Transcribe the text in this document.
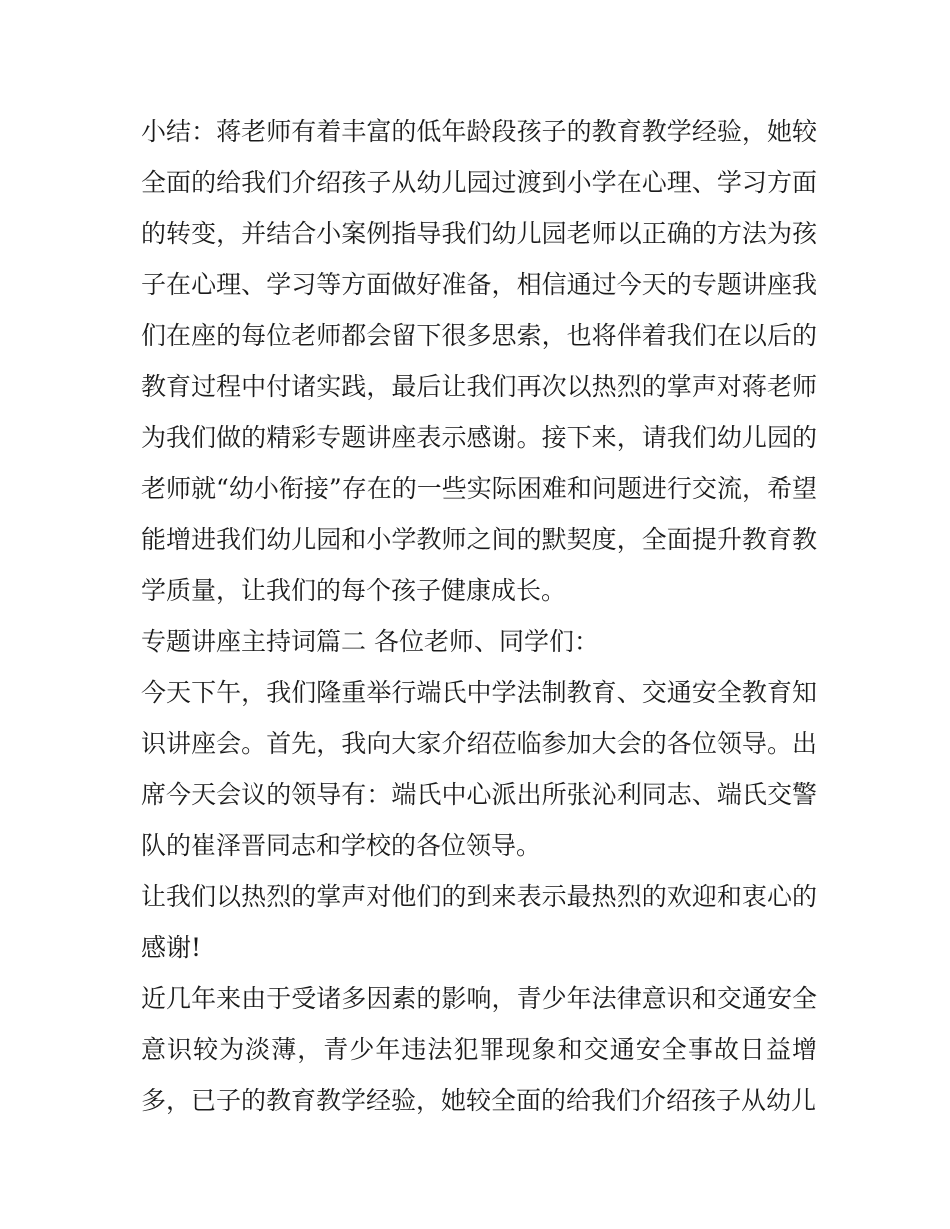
小结：蒋老师有着丰富的低年龄段孩子的教育教学经验，她较全面的给我们介绍孩子从幼儿园过渡到小学在心理、学习方面的转变，并结合小案例指导我们幼儿园老师以正确的方法为孩子在心理、学习等方面做好准备，相信通过今天的专题讲座我们在座的每位老师都会留下很多思索，也将伴着我们在以后的教育过程中付诸实践，最后让我们再次以热烈的掌声对蒋老师为我们做的精彩专题讲座表示感谢。接下来，请我们幼儿园的老师就“幼小衔接”存在的一些实际困难和问题进行交流，希望能增进我们幼儿园和小学教师之间的默契度，全面提升教育教学质量，让我们的每个孩子健康成长。

专题讲座主持词篇二 各位老师、同学们：

今天下午，我们隆重举行端氏中学法制教育、交通安全教育知识讲座会。首先，我向大家介绍莅临参加大会的各位领导。出席今天会议的领导有：端氏中心派出所张沁利同志、端氏交警队的崔泽晋同志和学校的各位领导。

让我们以热烈的掌声对他们的到来表示最热烈的欢迎和衷心的感谢!

近几年来由于受诸多因素的影响，青少年法律意识和交通安全意识较为淡薄，青少年违法犯罪现象和交通安全事故日益增多，已子的教育教学经验，她较全面的给我们介绍孩子从幼儿
